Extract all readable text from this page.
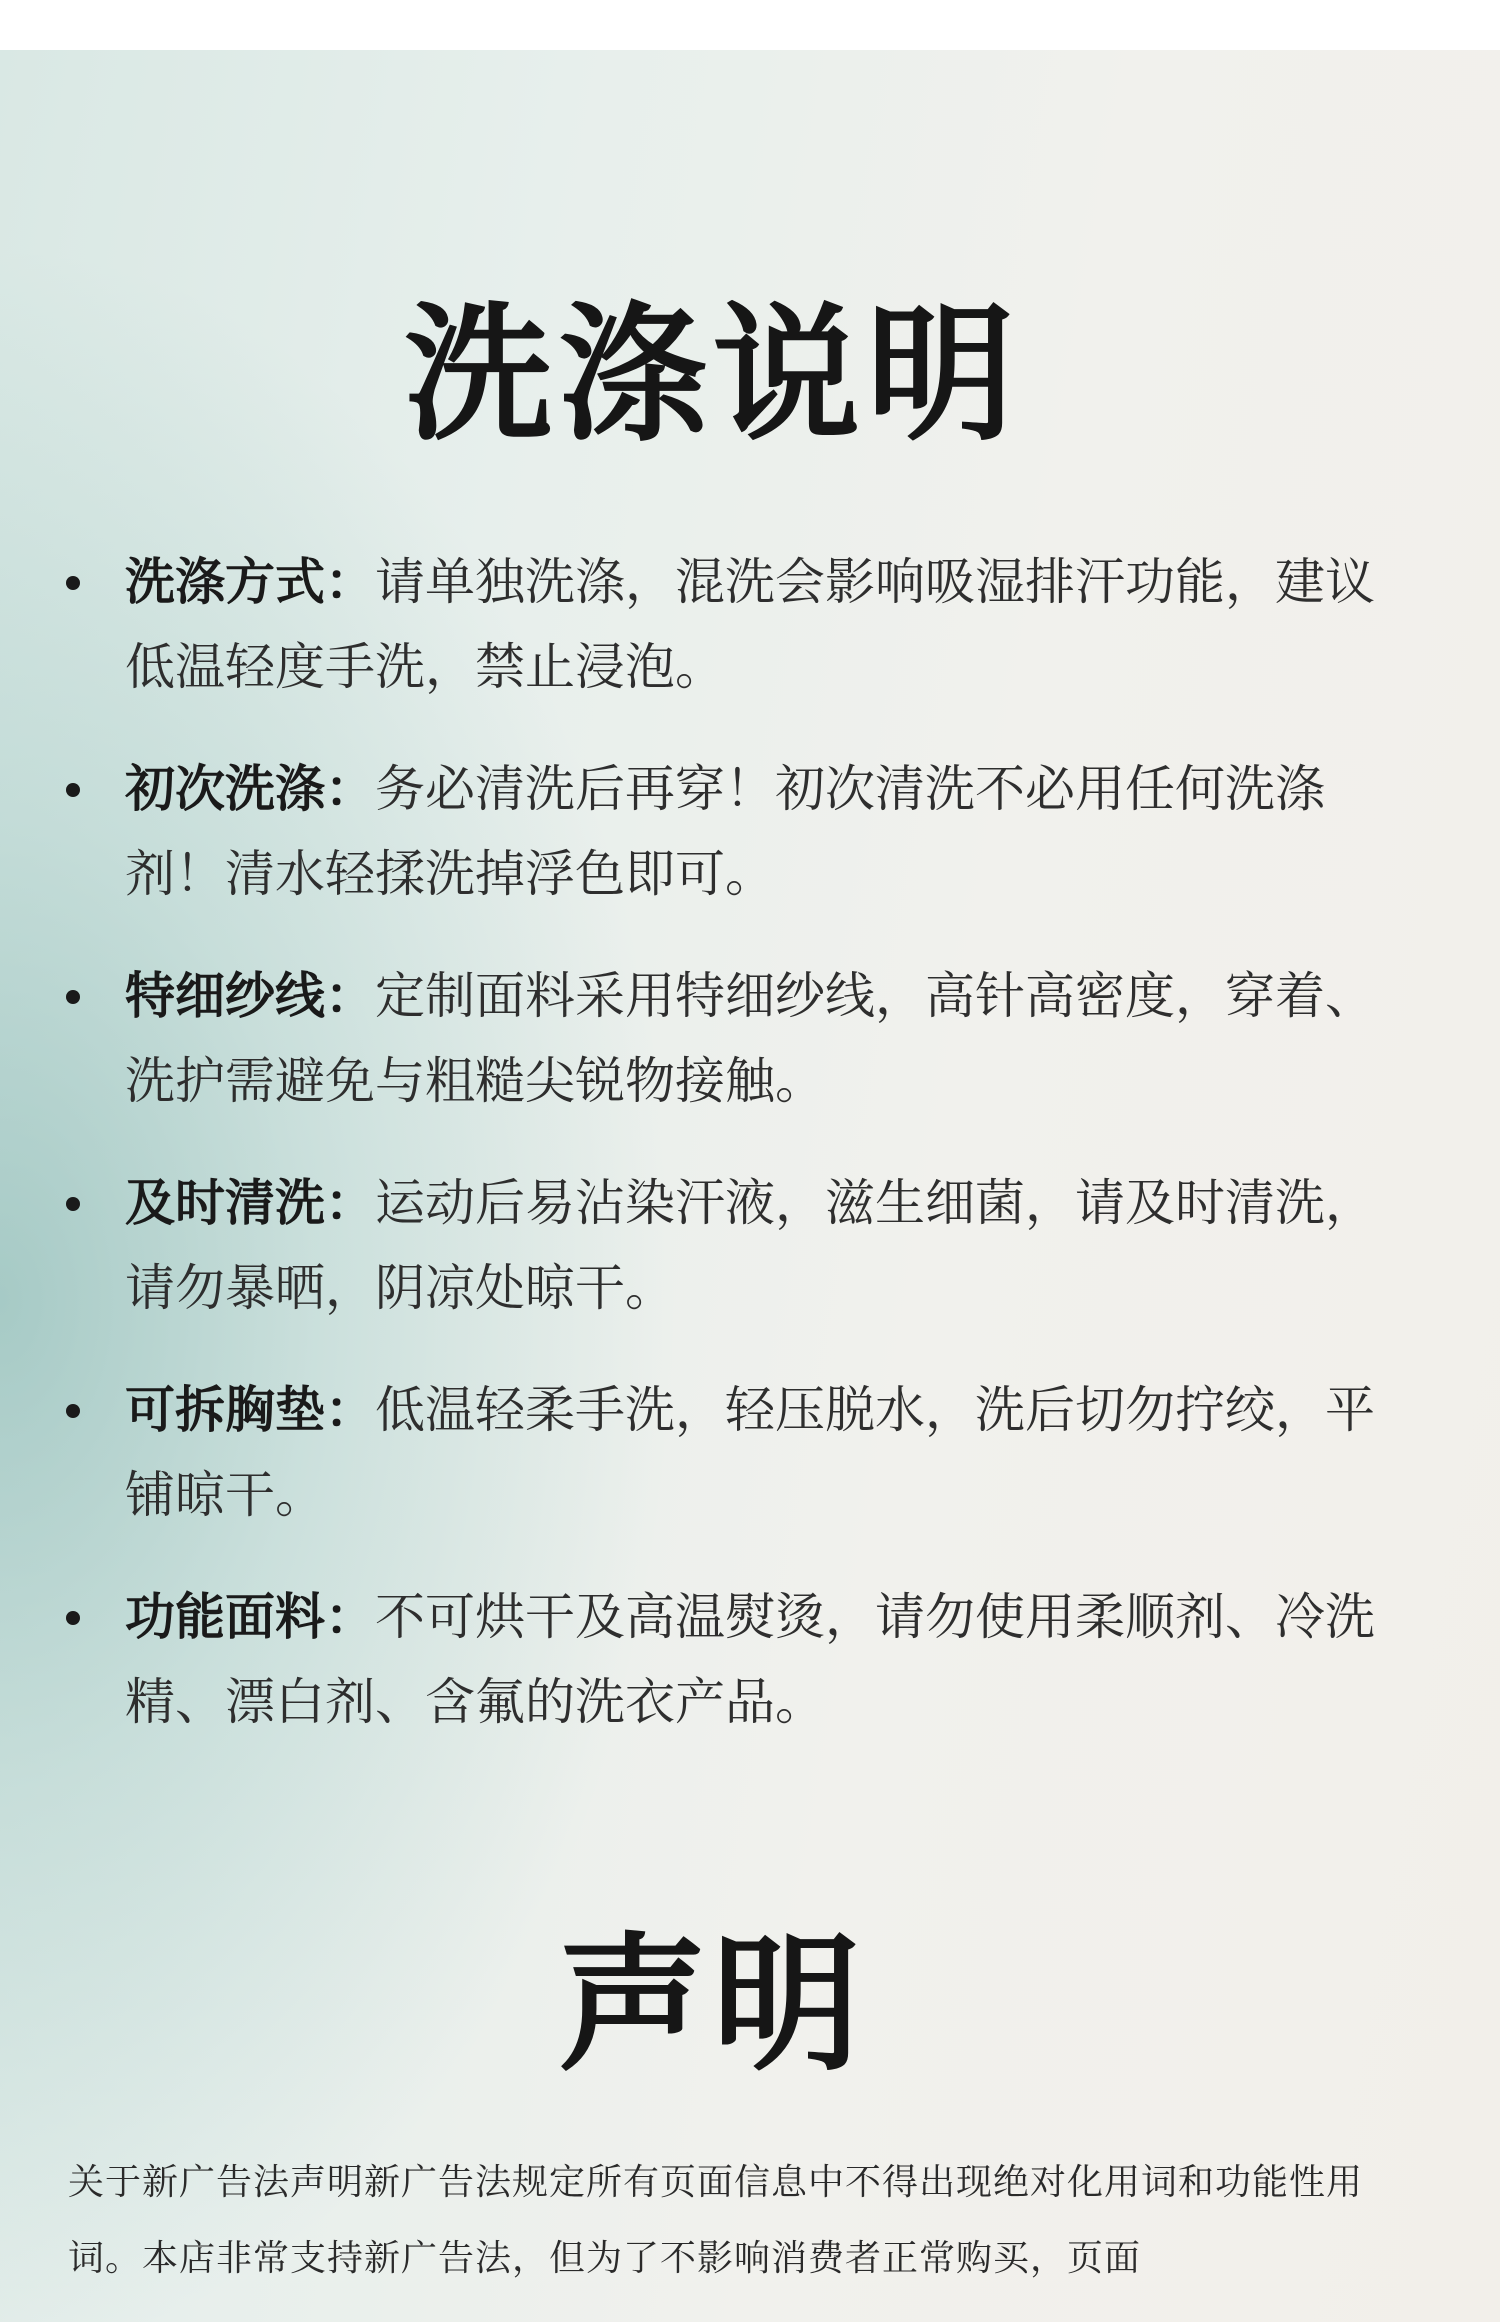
洗涤说明
洗涤方式：请单独洗涤，混洗会影响吸湿排汗功能，建议低温轻度手洗，禁止浸泡。
初次洗涤：务必清洗后再穿！初次清洗不必用任何洗涤剂！清水轻揉洗掉浮色即可。
特细纱线：定制面料采用特细纱线，高针高密度，穿着、洗护需避免与粗糙尖锐物接触。
及时清洗：运动后易沾染汗液，滋生细菌，请及时清洗，请勿暴晒，阴凉处晾干。
可拆胸垫：低温轻柔手洗，轻压脱水，洗后切勿拧绞，平铺晾干。
功能面料：不可烘干及高温熨烫，请勿使用柔顺剂、冷洗精、漂白剂、含氟的洗衣产品。
声明

关于新广告法声明新广告法规定所有页面信息中不得出现绝对化用词和功能性用词。本店非常支持新广告法，但为了不影响消费者正常购买，页面
